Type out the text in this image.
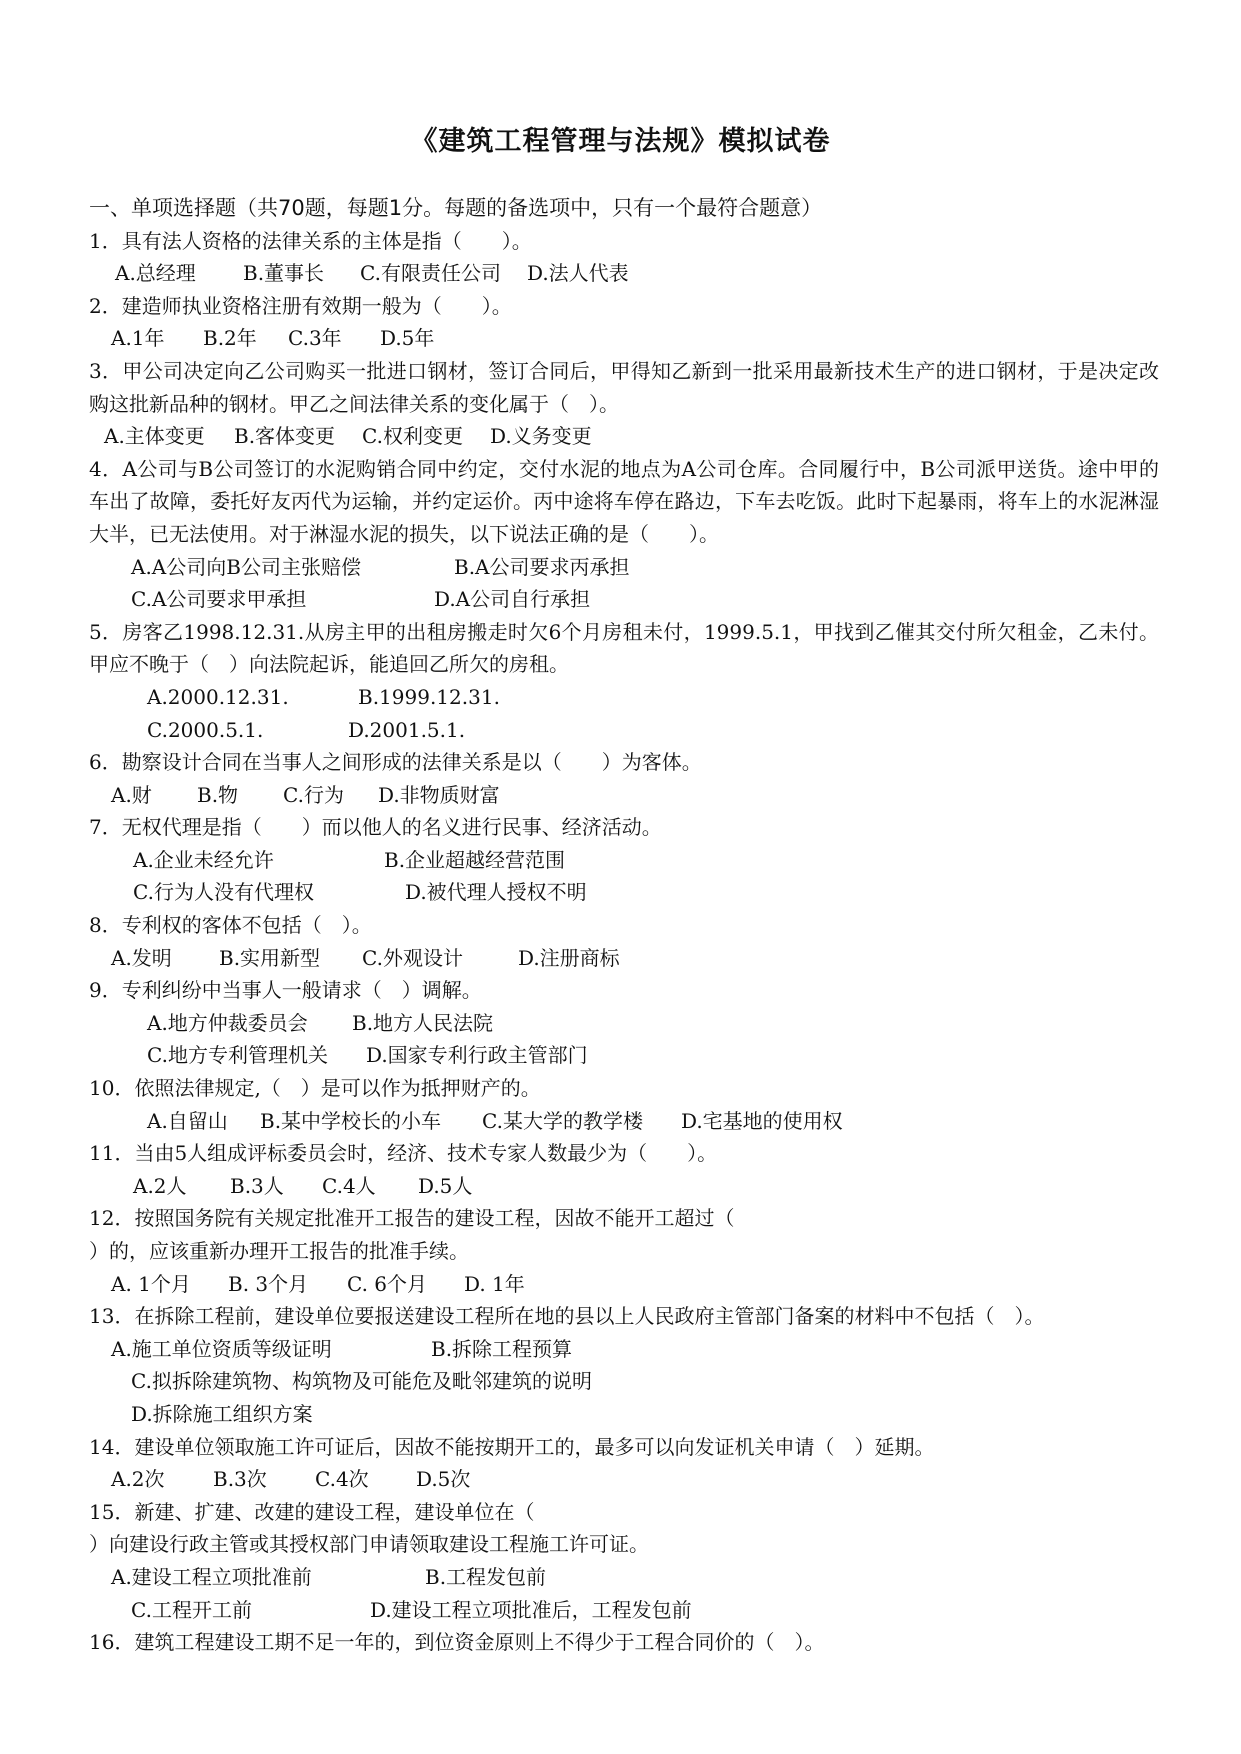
《建筑工程管理与法规》模拟试卷
一、单项选择题（共70题，每题1分。每题的备选项中，只有一个最符合题意）
1．具有法人资格的法律关系的主体是指（　　）。
A.总经理 B.董事长 C.有限责任公司 D.法人代表
2．建造师执业资格注册有效期一般为（　　）。
A.1年 B.2年 C.3年 D.5年
3．甲公司决定向乙公司购买一批进口钢材，签订合同后，甲得知乙新到一批采用最新技术生产的进口钢材，于是决定改购这批新品种的钢材。甲乙之间法律关系的变化属于（　）。
A.主体变更 B.客体变更 C.权利变更 D.义务变更
4．A公司与B公司签订的水泥购销合同中约定，交付水泥的地点为A公司仓库。合同履行中，B公司派甲送货。途中甲的车出了故障，委托好友丙代为运输，并约定运价。丙中途将车停在路边，下车去吃饭。此时下起暴雨，将车上的水泥淋湿大半，已无法使用。对于淋湿水泥的损失，以下说法正确的是（　　）。
A.A公司向B公司主张赔偿	B.A公司要求丙承担
C.A公司要求甲承担	D.A公司自行承担
5．房客乙1998.12.31.从房主甲的出租房搬走时欠6个月房租未付，1999.5.1，甲找到乙催其交付所欠租金，乙未付。甲应不晚于（　）向法院起诉，能追回乙所欠的房租。
A.2000.12.31.	B.1999.12.31.
C.2000.5.1.	D.2001.5.1.
6．勘察设计合同在当事人之间形成的法律关系是以（　　）为客体。
A.财 B.物 C.行为 D.非物质财富
7．无权代理是指（　　）而以他人的名义进行民事、经济活动。
A.企业未经允许	B.企业超越经营范围
C.行为人没有代理权	D.被代理人授权不明
8．专利权的客体不包括（　）。
A.发明 B.实用新型 C.外观设计	D.注册商标
9．专利纠纷中当事人一般请求（　）调解。
A.地方仲裁委员会 B.地方人民法院
C.地方专利管理机关 D.国家专利行政主管部门
10．依照法律规定,（　）是可以作为抵押财产的。
A.自留山 B.某中学校长的小车 C.某大学的教学楼 D.宅基地的使用权
11．当由5人组成评标委员会时，经济、技术专家人数最少为（　　）。
A.2人 B.3人 C.4人 D.5人
12．按照国务院有关规定批准开工报告的建设工程，因故不能开工超过（
）的，应该重新办理开工报告的批准手续。
A. 1个月 B. 3个月 C. 6个月 D. 1年
13．在拆除工程前，建设单位要报送建设工程所在地的县以上人民政府主管部门备案的材料中不包括（　）。
A.施工单位资质等级证明	B.拆除工程预算
C.拟拆除建筑物、构筑物及可能危及毗邻建筑的说明
D.拆除施工组织方案
14．建设单位领取施工许可证后，因故不能按期开工的，最多可以向发证机关申请（　）延期。
A.2次 B.3次 C.4次 D.5次
15．新建、扩建、改建的建设工程，建设单位在（
）向建设行政主管或其授权部门申请领取建设工程施工许可证。
A.建设工程立项批准前	B.工程发包前
C.工程开工前	D.建设工程立项批准后，工程发包前
16．建筑工程建设工期不足一年的，到位资金原则上不得少于工程合同价的（　）。
